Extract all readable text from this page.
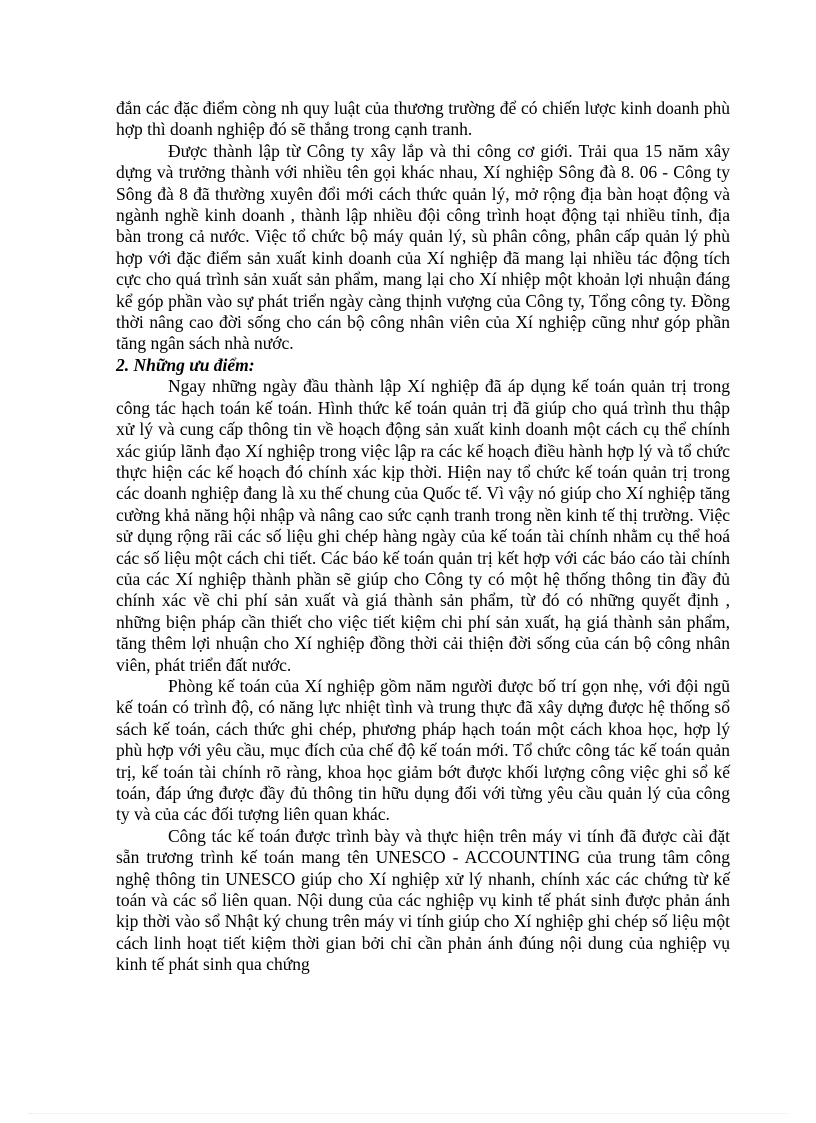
đắn các đặc điểm còng nh quy luật của thương trường để có chiến lược kinh doanh phù hợp thì doanh nghiệp đó sẽ thắng trong cạnh tranh.

Được thành lập từ Công ty xây lắp và thi công cơ giới. Trải qua 15 năm xây dựng và trưởng thành với nhiều tên gọi khác nhau, Xí nghiệp Sông đà 8. 06 - Công ty Sông đà 8 đã thường xuyên đổi mới cách thức quản lý, mở rộng địa bàn hoạt động và ngành nghề kinh doanh , thành lập nhiều đội công trình hoạt động tại nhiều tỉnh, địa bàn trong cả nước. Việc tổ chức bộ máy quản lý, sù phân công, phân cấp quản lý phù hợp với đặc điểm sản xuất kinh doanh của Xí nghiệp đã mang lại nhiều tác động tích cực cho quá trình sản xuất sản phẩm, mang lại cho Xí nhiệp một khoản lợi nhuận đáng kể góp phần vào sự phát triển ngày càng thịnh vượng của Công ty, Tổng công ty. Đồng thời nâng cao đời sống cho cán bộ công nhân viên của Xí nghiệp cũng như góp phần tăng ngân sách nhà nước.

2. Những ưu điểm:

Ngay những ngày đầu thành lập Xí nghiệp đã áp dụng kế toán quản trị trong công tác hạch toán kế toán. Hình thức kế toán quản trị đã giúp cho quá trình thu thập xử lý và cung cấp thông tin về hoạch động sản xuất kinh doanh một cách cụ thể chính xác giúp lãnh đạo Xí nghiệp trong việc lập ra các kế hoạch điều hành hợp lý và tổ chức thực hiện các kế hoạch đó chính xác kịp thời. Hiện nay tổ chức kế toán quản trị trong các doanh nghiệp đang là xu thế chung của Quốc tế. Vì vậy nó giúp cho Xí nghiệp tăng cường khả năng hội nhập và nâng cao sức cạnh tranh trong nền kinh tế thị trường. Việc sử dụng rộng rãi các số liệu ghi chép hàng ngày của kế toán tài chính nhằm cụ thể hoá các số liệu một cách chi tiết. Các báo kế toán quản trị kết hợp với các báo cáo tài chính của các Xí nghiệp thành phần sẽ giúp cho Công ty có một hệ thống thông tin đầy đủ chính xác về chi phí sản xuất và giá thành sản phẩm, từ đó có những quyết định , những biện pháp cần thiết cho việc tiết kiệm chi phí sản xuất, hạ giá thành sản phẩm, tăng thêm lợi nhuận cho Xí nghiệp đồng thời cải thiện đời sống của cán bộ công nhân viên, phát triển đất nước.

Phòng kế toán của Xí nghiệp gồm năm người được bố trí gọn nhẹ, với đội ngũ kế toán có trình độ, có năng lực nhiệt tình và trung thực đã xây dựng được hệ thống sổ sách kế toán, cách thức ghi chép, phương pháp hạch toán một cách khoa học, hợp lý phù hợp với yêu cầu, mục đích của chế độ kế toán mới. Tổ chức công tác kế toán quản trị, kế toán tài chính rõ ràng, khoa học giảm bớt được khối lượng công việc ghi sổ kế toán, đáp ứng được đầy đủ thông tin hữu dụng đối với từng yêu cầu quản lý của công ty và của các đối tượng liên quan khác.

Công tác kế toán được trình bày và thực hiện trên máy vi tính đã được cài đặt sẵn trương trình kế toán mang tên UNESCO - ACCOUNTING của trung tâm công nghệ thông tin UNESCO giúp cho Xí nghiệp xử lý nhanh, chính xác các chứng từ kế toán và các sổ liên quan. Nội dung của các nghiệp vụ kinh tế phát sinh được phản ánh kịp thời vào sổ Nhật ký chung trên máy vi tính giúp cho Xí nghiệp ghi chép số liệu một cách linh hoạt tiết kiệm thời gian bởi chỉ cần phản ánh đúng nội dung của nghiệp vụ kinh tế phát sinh qua chứng
